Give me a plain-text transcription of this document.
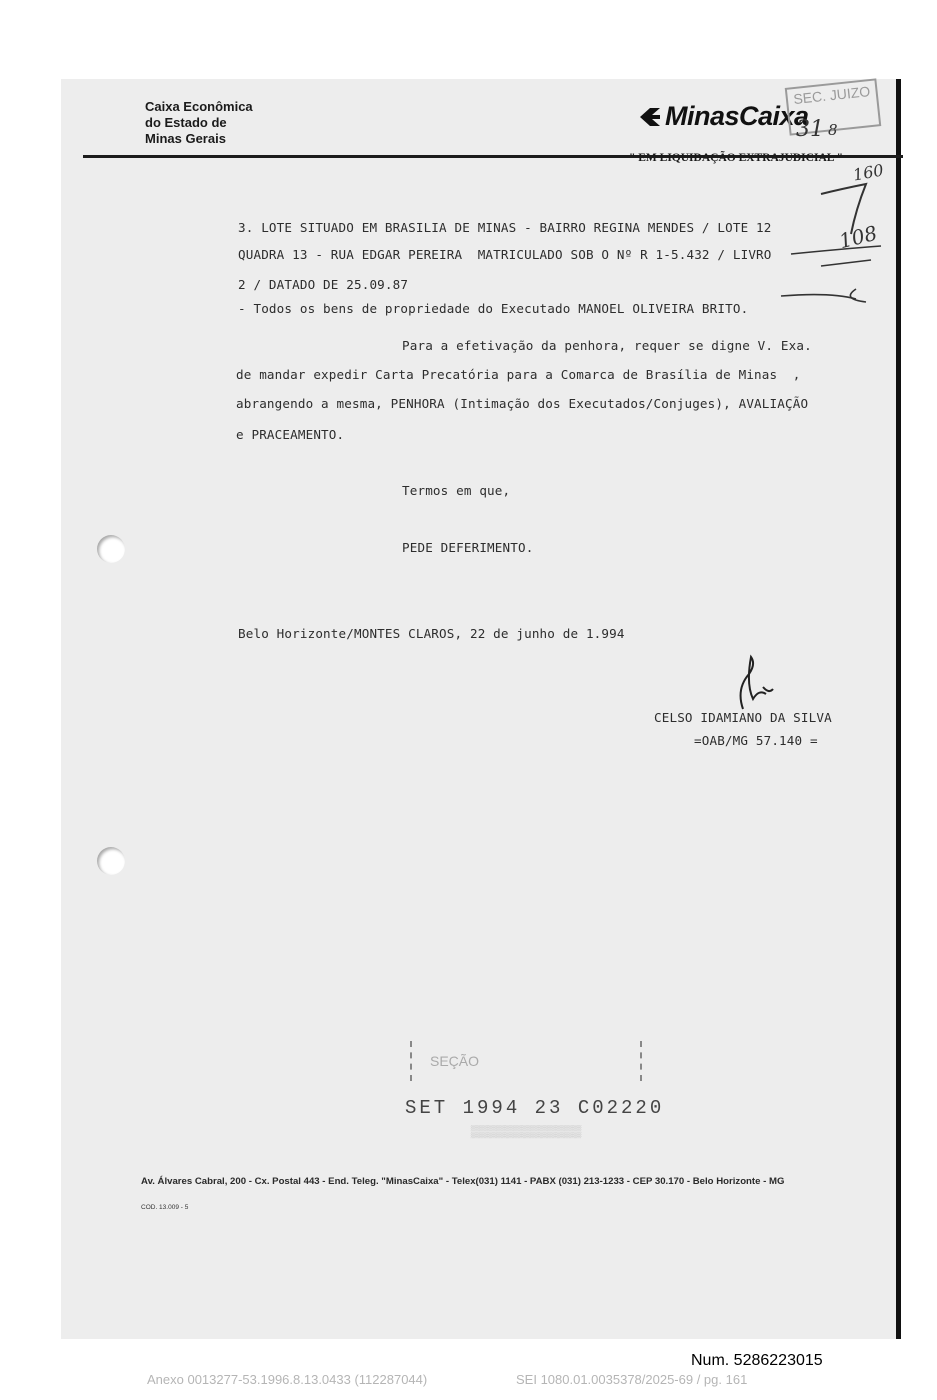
Caixa Econômica
do Estado de
Minas Gerais
MinasCaixa
SEC. JUIZO
" EM LIQUIDAÇÃO EXTRAJUDICIAL "
31 8
160
108
3. LOTE SITUADO EM BRASILIA DE MINAS - BAIRRO REGINA MENDES / LOTE 12
QUADRA 13 - RUA EDGAR PEREIRA  MATRICULADO SOB O Nº R 1-5.432 / LIVRO
2 / DATADO DE 25.09.87
- Todos os bens de propriedade do Executado MANOEL OLIVEIRA BRITO.
Para a efetivação da penhora, requer se digne V. Exa.
de mandar expedir Carta Precatória para a Comarca de Brasília de Minas  ,
abrangendo a mesma, PENHORA (Intimação dos Executados/Conjuges), AVALIAÇÃO
e PRACEAMENTO.
Termos em que,
PEDE DEFERIMENTO.
Belo Horizonte/MONTES CLAROS, 22 de junho de 1.994
CELSO IDAMIANO DA SILVA
=OAB/MG 57.140 =
SEÇÃO
SET 1994 23 C02220
▒▒▒▒▒▒▒▒▒▒▒▒▒
Av. Álvares Cabral, 200 - Cx. Postal 443 - End. Teleg. "MinasCaixa" - Telex(031) 1141 - PABX (031) 213-1233 - CEP 30.170 - Belo Horizonte - MG
COD. 13.009 - 5
Num. 5286223015
Anexo 0013277-53.1996.8.13.0433 (112287044)	SEI 1080.01.0035378/2025-69 / pg. 161
